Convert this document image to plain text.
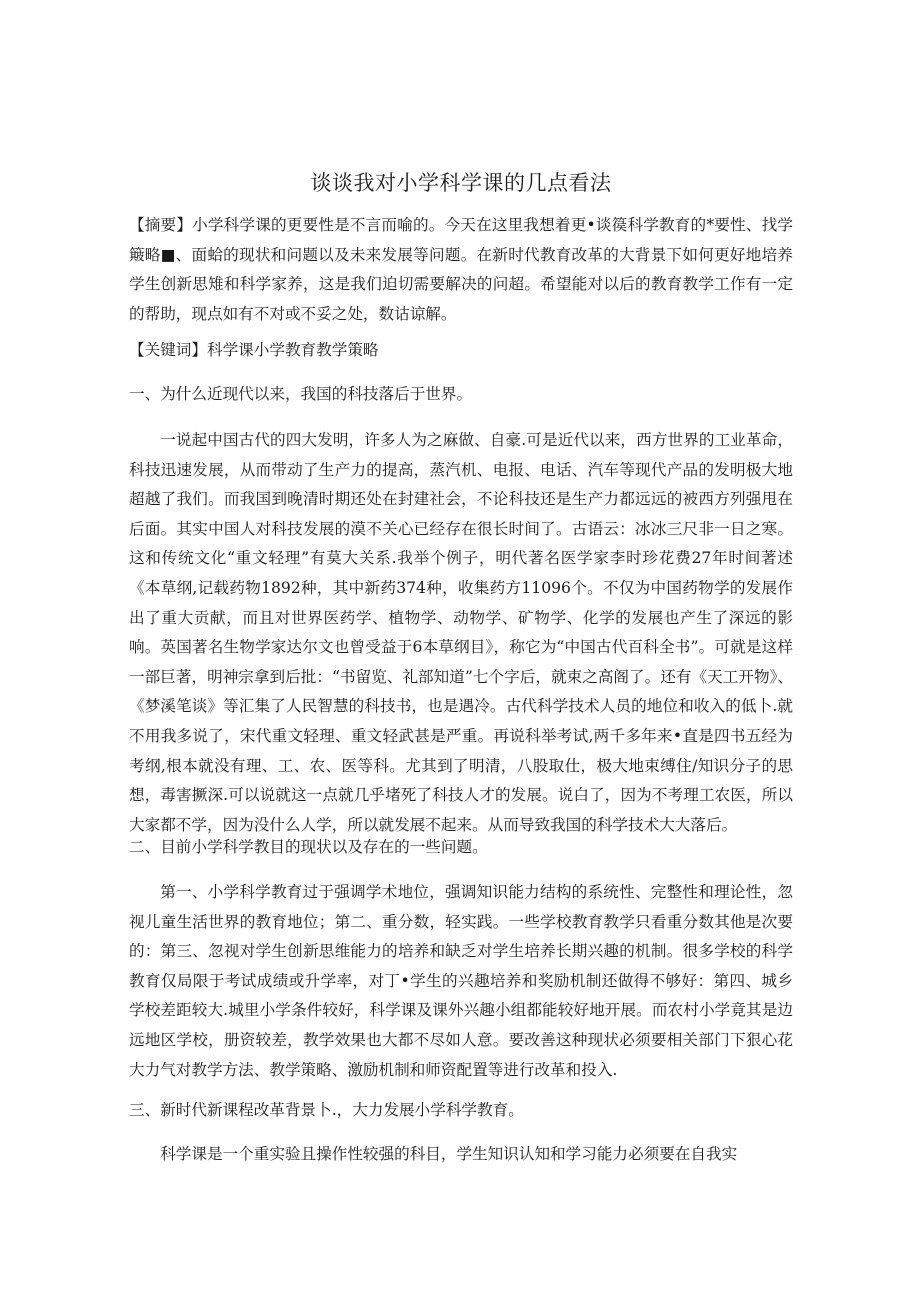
谈谈我对小学科学课的几点看法

【摘要】小学科学课的更要性是不言而喻的。今天在这里我想着更•谈篌科学教育的*要性、找学簸略■、面蛤的现状和问题以及未来发展等问题。在新时代教育改革的大背景下如何更好地培养学生创新思雉和科学家养，这是我们迫切需要解决的问超。希望能对以后的教育教学工作有一定的帮助，现点如有不对或不妥之处，数诂谅解。

【关键词】科学课小学教育教学策略

一、为什么近现代以来，我国的科技落后于世界。

一说起中国古代的四大发明，许多人为之麻做、自豪.可是近代以来，西方世界的工业革命，科技迅速发展，从而带动了生产力的提高，蒸汽机、电报、电话、汽车等现代产品的发明极大地超越了我们。而我国到晚清时期还处在封建社会，不论科技还是生产力都远远的被西方列强甩在后面。其实中国人对科技发展的漠不关心已经存在很长时间了。古语云：冰冰三尺非一日之寒。这和传统文化“重文轻理”有莫大关系.我举个例子，明代著名医学家李时珍花费27年时间著述《本草纲,记载药物1892种，其中新药374种，收集药方11096个。不仅为中国药物学的发展作出了重大贡献，而且对世界医药学、植物学、动物学、矿物学、化学的发展也产生了深远的影响。英国著名生物学家达尔文也曾受益于6本草纲目》，称它为“中国古代百科全书”。可就是这样一部巨著，明神宗拿到后批：“书留览、礼部知道”七个字后，就束之高阁了。还有《天工开物》、《梦溪笔谈》等汇集了人民智慧的科技书，也是遇冷。古代科学技术人员的地位和收入的低卜.就不用我多说了，宋代重文轻理、重文轻武甚是严重。再说科举考试,两千多年来•直是四书五经为考纲,根本就没有理、工、农、医等科。尤其到了明清，八股取仕，极大地束缚住/知识分子的思想，毒害撅深.可以说就这一点就几乎堵死了科技人才的发展。说白了，因为不考理工农医，所以大家都不学，因为没什么人学，所以就发展不起来。从而导致我国的科学技术大大落后。

二、目前小学科学教目的现状以及存在的一些问题。

第一、小学科学教育过于强调学术地位，强调知识能力结构的系统性、完整性和理论性，忽视儿童生活世界的教育地位；第二、重分数，轻实践。一些学校教育教学只看重分数其他是次要的：第三、忽视对学生创新思维能力的培养和缺乏对学生培养长期兴趣的机制。很多学校的科学教育仅局限于考试成绩或升学率，对丁•学生的兴趣培养和奖励机制还做得不够好：第四、城乡学校差距较大.城里小学条件较好，科学课及课外兴趣小组都能较好地开展。而农村小学竟其是边远地区学校，册资较差，教学效果也大都不尽如人意。要改善这种现状必须要相关部门下狠心花大力气对教学方法、教学策略、激励机制和师资配置等进行改革和投入.

三、新时代新课程改革背景卜.，大力发展小学科学教育。

科学课是一个重实验且操作性较强的科目，学生知识认知和学习能力必须要在自我实
